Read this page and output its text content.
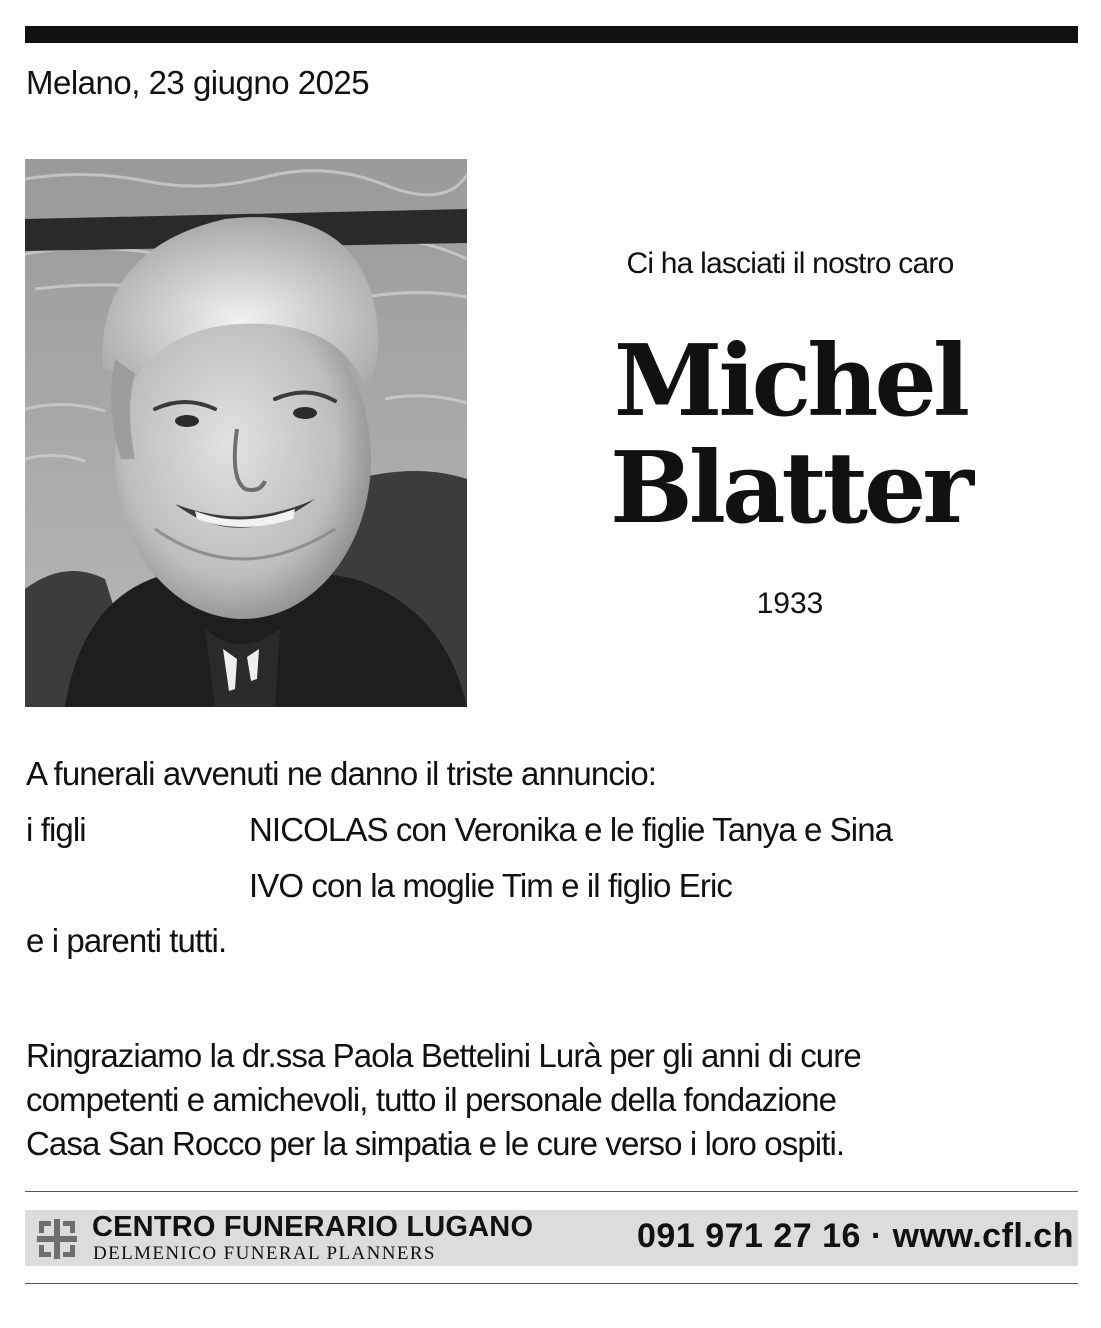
Melano, 23 giugno 2025
Ci ha lasciati il nostro caro
Michel
Blatter
1933
A funerali avvenuti ne danno il triste annuncio:
i figli	NICOLAS con Veronika e le figlie Tanya e Sina
IVO con la moglie Tim e il figlio Eric
e i parenti tutti.
Ringraziamo la dr.ssa Paola Bettelini Lurà per gli anni di cure
competenti e amichevoli, tutto il personale della fondazione
Casa San Rocco per la simpatia e le cure verso i loro ospiti.
CENTRO FUNERARIO LUGANO
DELMENICO FUNERAL PLANNERS	091 971 27 16 · www.cfl.ch
